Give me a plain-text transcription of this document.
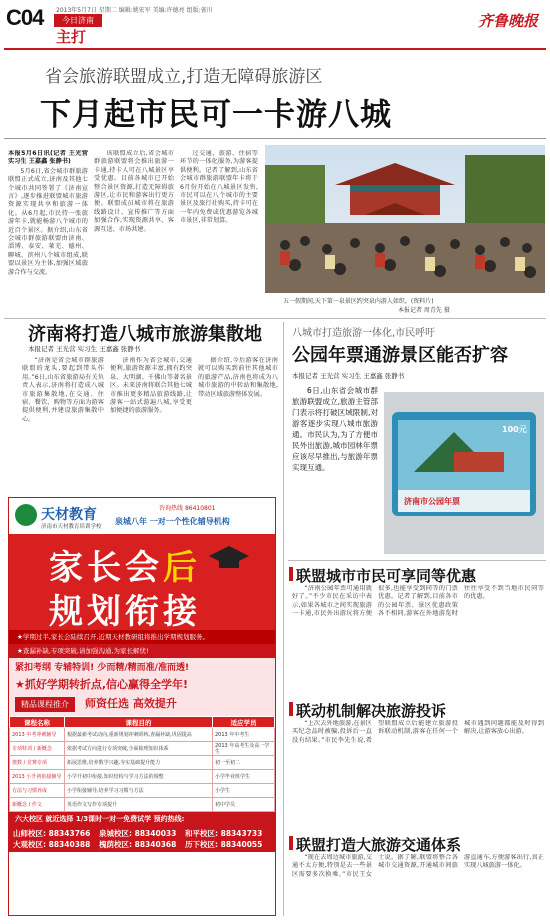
C04 2013年5月7日 星期二 编辑:姚宏军 美编:许德亮 组版:雀川
今日济南
主打
齐鲁晚报
省会旅游联盟成立,打造无障碍旅游区
下月起市民可一卡游八城

本报5月6日讯(记者 王光营 实习生 王嘉鑫 张静书)

5月6日,省会城市群旅游联盟正式成立,济南及其他七个城市共同签署了《济南宣言》,逐步推进联盟城市旅游资源实现共享和旅游一体化。从6月起,市民持一张旅游年卡,就能畅游八个城市的近百个景区。据介绍,山东省会城市群旅游联盟由济南、淄博、泰安、莱芜、德州、聊城、滨州八个城市组成,联盟以景区为主体,加强区域旅游合作与交流。

该联盟成立后,省会城市群旅游联盟将会推出旅游一卡通,持卡人可在八城景区享受优惠。目前各城市已开始整合景区资源,打造无障碍旅游区,让市民和游客出行更方便。联盟成员城市将在旅游线路设计、宣传推广等方面加强合作,实现资源共享、客源互送、市场共建。

过交通、旅游、住宿等环节的一体化服务,为游客提供便利。记者了解到,山东省会城市群旅游联盟年卡将于6月份开始在八城景区发售,市民可以在八个城市的主要景区及旅行社购买,持卡可在一年内免费或优惠游览各城市景区,非常划算。

五一假期间,天下第一泉景区趵突泉内游人如织。(资料片)
本报记者 周青先 摄
济南将打造八城市旅游集散地
本报记者 王光营 实习生 王嘉鑫 张静书

“济南是省会城市群旅游联盟的龙头,要起到带头作用。”6日,山东省旅游局有关负责人表示,济南将打造成八城市旅游集散地,在交通、住宿、餐饮、购物等方面为游客提供便利,并建设旅游集散中心。

济南作为省会城市,交通便利,旅游资源丰富,拥有趵突泉、大明湖、千佛山等著名景区。未来济南将联合其他七城市推出更多精品旅游线路,让游客一站式游遍八城,享受更加便捷的旅游服务。

据介绍,今后游客在济南就可以购买到前往其他城市的旅游产品,济南也将成为八城市旅游的中转站和集散地,带动区域旅游整体发展。

八城市打造旅游一体化,市民呼吁
公园年票通游景区能否扩容
本报记者 王光营 实习生 王嘉鑫 张静书

6日,山东省会城市群旅游联盟成立,旅游主管部门表示将打破区域限制,对游客逐步实现八城市旅游通。市民认为,为了方便市民外出旅游,城市园林年票应该尽早推出,与旅游年票实现互通。

100元
济南市公园年票
联盟城市市民可享同等优惠

“济南公园年票可通用就好了。”不少市民在采访中表示,如果各城市之间实现旅游一卡通,市民外出游玩将方便很多,也能享受到同等的门票优惠。记者了解到,目前各市的公园年票、景区优惠政策各不相同,游客在外地游览时往往享受不到当地市民同等的优惠。

联动机制解决旅游投诉

“上次去外地旅游,在景区买纪念品时被骗,投诉后一直没有结果。”市民李先生说,希望联盟成立后能建立旅游投诉联动机制,游客在任何一个城市遇到问题都能及时得到解决,让游客放心出游。

联盟打造大旅游交通体系

“现在去周边城市旅游,交通不太方便,特别是去一些景区需要多次换乘。”市民王女士说。据了解,联盟将整合各城市交通资源,开通城市间旅游直通车,方便游客出行,真正实现八城旅游一体化。

天材教育
济南市天材教育培训学校
咨询热线 86410801
泉城八年 一对一个性化辅导机构
家长会后
规划衔接
★学期过半,家长会陆续召开,近期天材教研组将推出学期规划服务。
★查漏补缺,专项突破,请加强沟通,为家长解忧!
紧扣考纲 专辅特训! 少而精/精而准/准而透!
★抓好学期转折点,信心赢得全学年!
精品课程推介 师资任选 高效提升
课程名称	课程目的	适应学员
2013 中考冲刺辅导	根据最新考试动向,重新规划冲刺训练,查漏补缺,巩固提高	2013 年中考生
专项特训 / 新概念	依据考试方向进行专项突破,全面梳理知识体系	2013 年高考生及高一学生
奥数 / 竞赛专项	拓展思维,培养数学兴趣,夯实基础提升能力	初一至初二
2013 小升初衔接辅导	小学升初中衔接,知识结构与学习方法的调整	小学毕业班学生
方法与习惯养成	小学衔接辅导,培养学习习惯与方法	小学生
新概念 / 作文	英语作文写作专项提升	初中学员
六大校区 就近选择 1/3课时一对一免费试学 预约热线:
山师校区: 88343766	泉城校区: 88340033	和平校区: 88343733
大观校区: 88340388	槐荫校区: 88340368	历下校区: 88340055
